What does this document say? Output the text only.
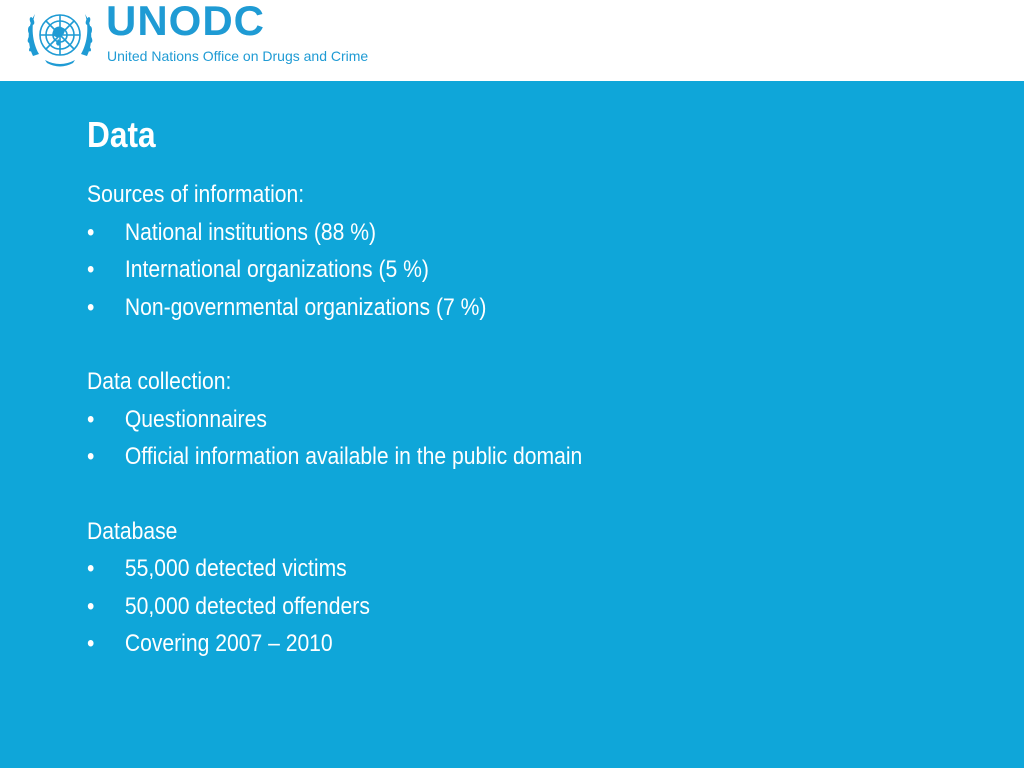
UNODC
United Nations Office on Drugs and Crime
Data
Sources of information:
• National institutions (88 %)
• International organizations (5 %)
• Non-governmental organizations (7 %)
Data collection:
• Questionnaires
• Official information available in the public domain
Database
• 55,000 detected victims
• 50,000 detected offenders
• Covering 2007 – 2010
